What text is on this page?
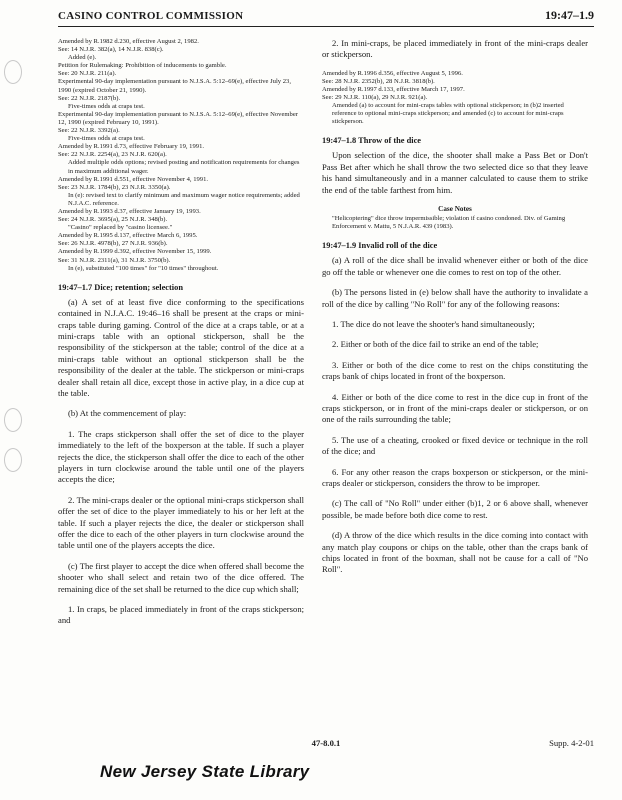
CASINO CONTROL COMMISSION	19:47–1.9

Amended by R.1982 d.230, effective August 2, 1982.

See: 14 N.J.R. 382(a), 14 N.J.R. 838(c).

Added (e).

Petition for Rulemaking: Prohibition of inducements to gamble.

See: 20 N.J.R. 211(a).

Experimental 90-day implementation pursuant to N.J.S.A. 5:12–69(e), effective July 23, 1990 (expired October 21, 1990).

See: 22 N.J.R. 2187(b).

Five-times odds at craps test.

Experimental 90-day implementation pursuant to N.J.S.A. 5:12–69(e), effective November 12, 1990 (expired February 10, 1991).

See: 22 N.J.R. 3392(a).

Five-times odds at craps test.

Amended by R.1991 d.73, effective February 19, 1991.

See: 22 N.J.R. 2254(a), 23 N.J.R. 620(a).

Added multiple odds options; revised posting and notification requirements for changes in maximum additional wager.

Amended by R.1991 d.551, effective November 4, 1991.

See: 23 N.J.R. 1784(b), 23 N.J.R. 3350(a).

In (e): revised text to clarify minimum and maximum wager notice requirements; added N.J.A.C. reference.

Amended by R.1993 d.37, effective January 19, 1993.

See: 24 N.J.R. 3695(a), 25 N.J.R. 348(b).

"Casino" replaced by "casino licensee."

Amended by R.1995 d.137, effective March 6, 1995.

See: 26 N.J.R. 4978(b), 27 N.J.R. 936(b).

Amended by R.1999 d.392, effective November 15, 1999.

See: 31 N.J.R. 2311(a), 31 N.J.R. 3750(b).

In (e), substituted "100 times" for "10 times" throughout.

19:47–1.7 Dice; retention; selection

(a) A set of at least five dice conforming to the specifications contained in N.J.A.C. 19:46–16 shall be present at the craps or mini-craps table during gaming. Control of the dice at a craps table, or at a mini-craps table with an optional stickperson, shall be the responsibility of the stickperson at the table; control of the dice at a mini-craps table without an optional stickperson shall be the responsibility of the dealer at the table. The stickperson or mini-craps dealer shall retain all dice, except those in active play, in a dice cup at the table.

(b) At the commencement of play:

1. The craps stickperson shall offer the set of dice to the player immediately to the left of the boxperson at the table. If such a player rejects the dice, the stickperson shall offer the dice to each of the other players in turn clockwise around the table until one of the players accepts the dice;

2. The mini-craps dealer or the optional mini-craps stickperson shall offer the set of dice to the player immediately to his or her left at the table. If such a player rejects the dice, the dealer or stickperson shall offer the dice to each of the other players in turn clockwise around the table until one of the players accepts the dice.

(c) The first player to accept the dice when offered shall become the shooter who shall select and retain two of the dice offered. The remaining dice of the set shall be returned to the dice cup which shall;

1. In craps, be placed immediately in front of the craps stickperson; and

2. In mini-craps, be placed immediately in front of the mini-craps dealer or stickperson.

Amended by R.1996 d.356, effective August 5, 1996.

See: 28 N.J.R. 2352(b), 28 N.J.R. 3818(b).

Amended by R.1997 d.133, effective March 17, 1997.

See: 29 N.J.R. 110(a), 29 N.J.R. 921(a).

Amended (a) to account for mini-craps tables with optional stickperson; in (b)2 inserted reference to optional mini-craps stickperson; and amended (c) to account for mini-craps stickperson.

19:47–1.8 Throw of the dice

Upon selection of the dice, the shooter shall make a Pass Bet or Don't Pass Bet after which he shall throw the two selected dice so that they leave his hand simultaneously and in a manner calculated to cause them to strike the end of the table farthest from him.

Case Notes

"Helicoptering" dice throw impermissible; violation if casino condoned. Div. of Gaming Enforcement v. Mattu, 5 N.J.A.R. 439 (1983).

19:47–1.9 Invalid roll of the dice

(a) A roll of the dice shall be invalid whenever either or both of the dice go off the table or whenever one die comes to rest on top of the other.

(b) The persons listed in (e) below shall have the authority to invalidate a roll of the dice by calling "No Roll" for any of the following reasons:

1. The dice do not leave the shooter's hand simultaneously;

2. Either or both of the dice fail to strike an end of the table;

3. Either or both of the dice come to rest on the chips constituting the craps bank of chips located in front of the boxperson.

4. Either or both of the dice come to rest in the dice cup in front of the craps stickperson, or in front of the mini-craps dealer or stickperson, or on one of the rails surrounding the table;

5. The use of a cheating, crooked or fixed device or technique in the roll of the dice; and

6. For any other reason the craps boxperson or stickperson, or the mini-craps dealer or stickperson, considers the throw to be improper.

(c) The call of "No Roll" under either (b)1, 2 or 6 above shall, whenever possible, be made before both dice come to rest.

(d) A throw of the dice which results in the dice coming into contact with any match play coupons or chips on the table, other than the craps bank of chips located in front of the boxman, shall not be cause for a call of "No Roll".

47-8.0.1	Supp. 4-2-01
New Jersey State Library
